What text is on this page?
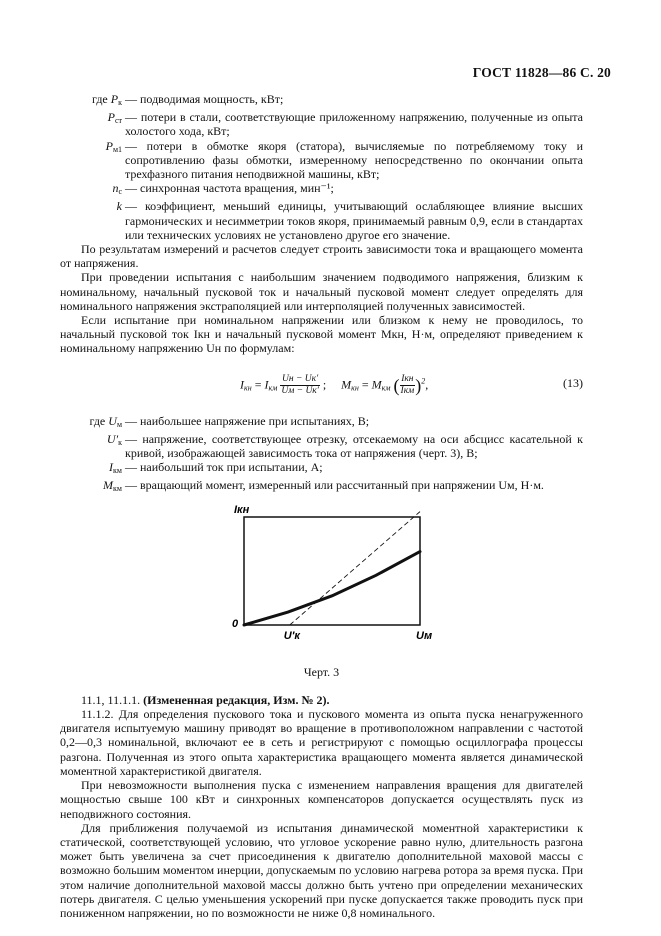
ГОСТ 11828—86 С. 20
где $P_к$	— подводимая мощность, кВт;
$P_{ст}$	— потери в стали, соответствующие приложенному напряжению, полученные из опыта холостого хода, кВт;
$P_{м1}$	— потери в обмотке якоря (статора), вычисляемые по потребляемому току и сопротивлению фазы обмотки, измеренному непосредственно по окончании опыта трехфазного питания неподвижной машины, кВт;
$n_с$	— синхронная частота вращения, мин⁻¹;
k	— коэффициент, меньший единицы, учитывающий ослабляющее влияние высших гармонических и несимметрии токов якоря, принимаемый равным 0,9, если в стандартах или технических условиях не установлено другое его значение.

По результатам измерений и расчетов следует строить зависимости тока и вращающего момента от напряжения.

При проведении испытания с наибольшим значением подводимого напряжения, близким к номинальному, начальный пусковой ток и начальный пусковой момент следует определять для номинального напряжения экстраполяцией или интерполяцией полученных зависимостей.

Если испытание при номинальном напряжении или близком к нему не проводилось, то начальный пусковой ток Iкн и начальный пусковой момент Mкн, Н·м, определяют приведением к номинальному напряжению Uн по формулам:

$I_{кн} = I_{км} \frac{Uн - Uк'}{Uм - Uк'}$ ; $M_{кн} = M_{км}$ ( $\frac{\text{Iкн}}{\text{Iкм}} )^2$,	(13)
где $U_м$	— наибольшее напряжение при испытаниях, В;
$U'_к$	— напряжение, соответствующее отрезку, отсекаемому на оси абсцисс касательной к кривой, изображающей зависимость тока от напряжения (черт. 3), В;
$I_{км}$	— наибольший ток при испытании, А;
$M_{км}$	— вращающий момент, измеренный или рассчитанный при напряжении Uм, Н·м.
Iкн
Uм
0
U′к

Черт. 3

11.1, 11.1.1. (Измененная редакция, Изм. № 2).

11.1.2. Для определения пускового тока и пускового момента из опыта пуска ненагруженного двигателя испытуемую машину приводят во вращение в противоположном направлении с частотой 0,2—0,3 номинальной, включают ее в сеть и регистрируют с помощью осциллографа процессы разгона. Полученная из этого опыта характеристика вращающего момента является динамической моментной характеристикой двигателя.

При невозможности выполнения пуска с изменением направления вращения для двигателей мощностью свыше 100 кВт и синхронных компенсаторов допускается осуществлять пуск из неподвижного состояния.

Для приближения получаемой из испытания динамической моментной характеристики к статической, соответствующей условию, что угловое ускорение равно нулю, длительность разгона может быть увеличена за счет присоединения к двигателю дополнительной маховой массы с возможно большим моментом инерции, допускаемым по условию нагрева ротора за время пуска. При этом наличие дополнительной маховой массы должно быть учтено при определении механических потерь двигателя. С целью уменьшения ускорений при пуске допускается также проводить пуск при пониженном напряжении, но по возможности не ниже 0,8 номинального.
